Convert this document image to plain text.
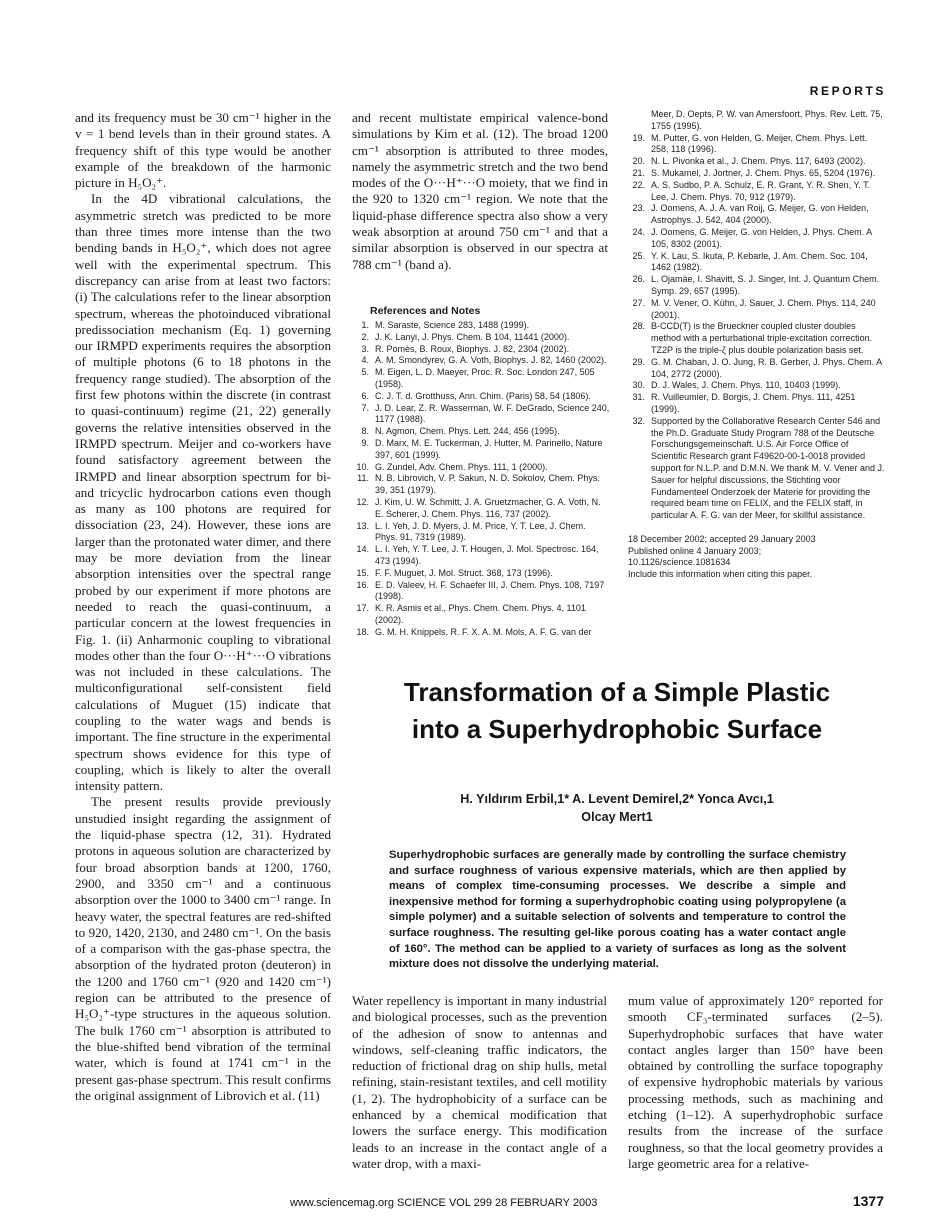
REPORTS

and its frequency must be 30 cm⁻¹ higher in the v = 1 bend levels than in their ground states. A frequency shift of this type would be another example of the breakdown of the harmonic picture in H₅O₂⁺.

In the 4D vibrational calculations, the asymmetric stretch was predicted to be more than three times more intense than the two bending bands in H₅O₂⁺, which does not agree well with the experimental spectrum. This discrepancy can arise from at least two factors: (i) The calculations refer to the linear absorption spectrum, whereas the photoinduced vibrational predissociation mechanism (Eq. 1) governing our IRMPD experiments requires the absorption of multiple photons (6 to 18 photons in the frequency range studied). The absorption of the first few photons within the discrete (in contrast to quasi-continuum) regime (21, 22) generally governs the relative intensities observed in the IRMPD spectrum. Meijer and co-workers have found satisfactory agreement between the IRMPD and linear absorption spectrum for bi- and tricyclic hydrocarbon cations even though as many as 100 photons are required for dissociation (23, 24). However, these ions are larger than the protonated water dimer, and there may be more deviation from the linear absorption intensities over the spectral range probed by our experiment if more photons are needed to reach the quasi-continuum, a particular concern at the lowest frequencies in Fig. 1. (ii) Anharmonic coupling to vibrational modes other than the four O···H⁺···O vibrations was not included in these calculations. The multiconfigurational self-consistent field calculations of Muguet (15) indicate that coupling to the water wags and bends is important. The fine structure in the experimental spectrum shows evidence for this type of coupling, which is likely to alter the overall intensity pattern.

The present results provide previously unstudied insight regarding the assignment of the liquid-phase spectra (12, 31). Hydrated protons in aqueous solution are characterized by four broad absorption bands at 1200, 1760, 2900, and 3350 cm⁻¹ and a continuous absorption over the 1000 to 3400 cm⁻¹ range. In heavy water, the spectral features are red-shifted to 920, 1420, 2130, and 2480 cm⁻¹. On the basis of a comparison with the gas-phase spectra, the absorption of the hydrated proton (deuteron) in the 1200 and 1760 cm⁻¹ (920 and 1420 cm⁻¹) region can be attributed to the presence of H₅O₂⁺-type structures in the aqueous solution. The bulk 1760 cm⁻¹ absorption is attributed to the blue-shifted bend vibration of the terminal water, which is found at 1741 cm⁻¹ in the present gas-phase spectrum. This result confirms the original assignment of Librovich et al. (11)

and recent multistate empirical valence-bond simulations by Kim et al. (12). The broad 1200 cm⁻¹ absorption is attributed to three modes, namely the asymmetric stretch and the two bend modes of the O···H⁺···O moiety, that we find in the 920 to 1320 cm⁻¹ region. We note that the liquid-phase difference spectra also show a very weak absorption at around 750 cm⁻¹ and that a similar absorption is observed in our spectra at 788 cm⁻¹ (band a).

References and Notes
1. M. Saraste, Science 283, 1488 (1999).
2. J. K. Lanyi, J. Phys. Chem. B 104, 11441 (2000).
3. R. Pomès, B. Roux, Biophys. J. 82, 2304 (2002).
4. A. M. Smondyrev, G. A. Voth, Biophys. J. 82, 1460 (2002).
5. M. Eigen, L. D. Maeyer, Proc. R. Soc. London 247, 505 (1958).
6. C. J. T. d. Grotthuss, Ann. Chim. (Paris) 58, 54 (1806).
7. J. D. Lear, Z. R. Wasserman, W. F. DeGrado, Science 240, 1177 (1988).
8. N. Agmon, Chem. Phys. Lett. 244, 456 (1995).
9. D. Marx, M. E. Tuckerman, J. Hutter, M. Parinello, Nature 397, 601 (1999).
10. G. Zundel, Adv. Chem. Phys. 111, 1 (2000).
11. N. B. Librovich, V. P. Sakun, N. D. Sokolov, Chem. Phys. 39, 351 (1979).
12. J. Kim, U. W. Schmitt, J. A. Gruetzmacher, G. A. Voth, N. E. Scherer, J. Chem. Phys. 116, 737 (2002).
13. L. I. Yeh, J. D. Myers, J. M. Price, Y. T. Lee, J. Chem. Phys. 91, 7319 (1989).
14. L. I. Yeh, Y. T. Lee, J. T. Hougen, J. Mol. Spectrosc. 164, 473 (1994).
15. F. F. Muguet, J. Mol. Struct. 368, 173 (1996).
16. E. D. Valeev, H. F. Schaefer III, J. Chem. Phys. 108, 7197 (1998).
17. K. R. Asmis et al., Phys. Chem. Chem. Phys. 4, 1101 (2002).
18. G. M. H. Knippels, R. F. X. A. M. Mols, A. F. G. van der
Meer, D. Oepts, P. W. van Amersfoort, Phys. Rev. Lett. 75, 1755 (1995).
19. M. Putter, G. von Helden, G. Meijer, Chem. Phys. Lett. 258, 118 (1996).
20. N. L. Pivonka et al., J. Chem. Phys. 117, 6493 (2002).
21. S. Mukamel, J. Jortner, J. Chem. Phys. 65, 5204 (1976).
22. A. S. Sudbo, P. A. Schulz, E. R. Grant, Y. R. Shen, Y. T. Lee, J. Chem. Phys. 70, 912 (1979).
23. J. Oomens, A. J. A. van Roij, G. Meijer, G. von Helden, Astrophys. J. 542, 404 (2000).
24. J. Oomens, G. Meijer, G. von Helden, J. Phys. Chem. A 105, 8302 (2001).
25. Y. K. Lau, S. Ikuta, P. Kebarle, J. Am. Chem. Soc. 104, 1462 (1982).
26. L. Ojamäe, I. Shavitt, S. J. Singer, Int. J. Quantum Chem. Symp. 29, 657 (1995).
27. M. V. Vener, O. Kühn, J. Sauer, J. Chem. Phys. 114, 240 (2001).
28. B-CCD(T) is the Brueckner coupled cluster doubles method with a perturbational triple-excitation correction. TZ2P is the triple-ζ plus double polarization basis set.
29. G. M. Chaban, J. O. Jung, R. B. Gerber, J. Phys. Chem. A 104, 2772 (2000).
30. D. J. Wales, J. Chem. Phys. 110, 10403 (1999).
31. R. Vuilleumier, D. Borgis, J. Chem. Phys. 111, 4251 (1999).
32. Supported by the Collaborative Research Center 546 and the Ph.D. Graduate Study Program 788 of the Deutsche Forschungsgemeinschaft. U.S. Air Force Office of Scientific Research grant F49620-00-1-0018 provided support for N.L.P. and D.M.N. We thank M. V. Vener and J. Sauer for helpful discussions, the Stichting voor Fundamenteel Onderzoek der Materie for providing the required beam time on FELIX, and the FELIX staff, in particular A. F. G. van der Meer, for skillful assistance.
18 December 2002; accepted 29 January 2003
Published online 4 January 2003;
10.1126/science.1081634
Include this information when citing this paper.
Transformation of a Simple Plastic into a Superhydrophobic Surface
H. Yıldırım Erbil,1* A. Levent Demirel,2* Yonca Avcı,1
Olcay Mert1
Superhydrophobic surfaces are generally made by controlling the surface chemistry and surface roughness of various expensive materials, which are then applied by means of complex time-consuming processes. We describe a simple and inexpensive method for forming a superhydrophobic coating using polypropylene (a simple polymer) and a suitable selection of solvents and temperature to control the surface roughness. The resulting gel-like porous coating has a water contact angle of 160°. The method can be applied to a variety of surfaces as long as the solvent mixture does not dissolve the underlying material.

Water repellency is important in many industrial and biological processes, such as the prevention of the adhesion of snow to antennas and windows, self-cleaning traffic indicators, the reduction of frictional drag on ship hulls, metal refining, stain-resistant textiles, and cell motility (1, 2). The hydrophobicity of a surface can be enhanced by a chemical modification that lowers the surface energy. This modification leads to an increase in the contact angle of a water drop, with a maxi-

mum value of approximately 120° reported for smooth CF₃-terminated surfaces (2–5). Superhydrophobic surfaces that have water contact angles larger than 150° have been obtained by controlling the surface topography of expensive hydrophobic materials by various processing methods, such as machining and etching (1–12). A superhydrophobic surface results from the increase of the surface roughness, so that the local geometry provides a large geometric area for a relative-

www.sciencemag.org SCIENCE VOL 299 28 FEBRUARY 2003	1377
